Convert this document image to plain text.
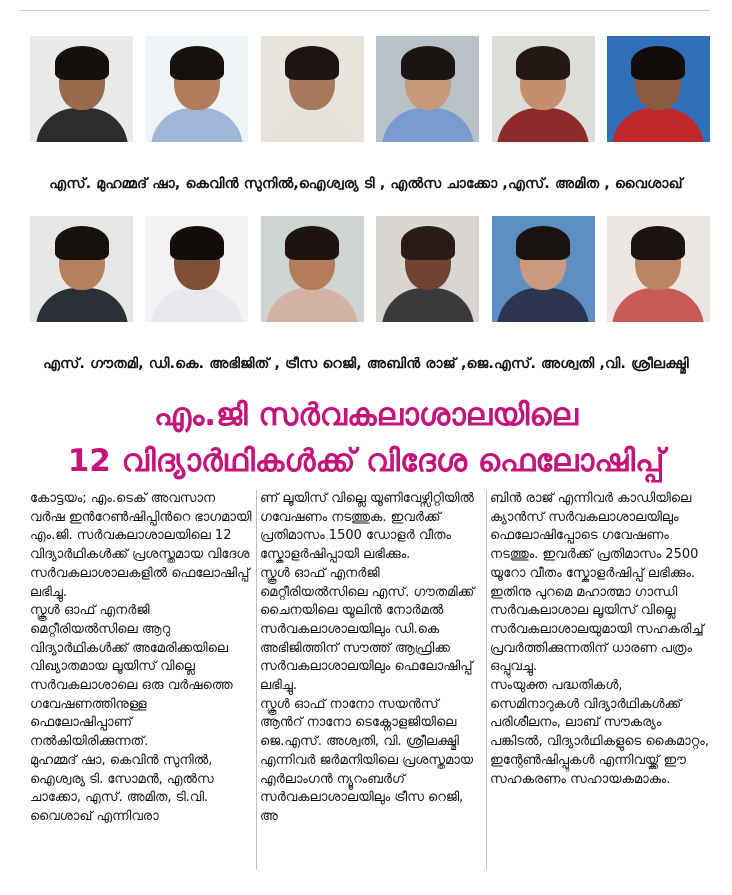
എസ്. മുഹമ്മദ് ഷാ, കെവിൻ സുനിൽ,ഐശ്വര്യ ടി , എൽസ ചാക്കോ ,എസ്. അമിത , വൈശാഖ്
എസ്. ഗൗതമി, ഡി.കെ. അഭിജിത് , ട്രീസ റെജി, അബിൻ രാജ് ,ജെ.എസ്. അശ്വതി ,വി. ശ്രീലക്ഷ്മി
എം.ജി സർവകലാശാലയിലെ
12 വിദ്യാർഥികൾക്ക് വിദേശ ഫെലോഷിപ്പ്

കോട്ടയം; എം.ടെക് അവസാന വർഷ ഇൻറേൺഷിപ്പിൻറെ ഭാഗമായി എം.ജി. സർവകലാശാലയിലെ 12 വിദ്യാർഥികൾക്ക് പ്രശസ്തമായ വിദേശ സർവകലാശാലകളിൽ ഫെലോഷിപ്പ് ലഭിച്ചു.

സ്കൂൾ ഓഫ് എനർജി മെറ്റീരിയൽസിലെ ആറു വിദ്യാർഥികൾക്ക് അമേരിക്കയിലെ വിഖ്യാതമായ ലൂയിസ് വില്ലെ സർവകലാശാലെ ഒരു വർഷത്തെ ഗവേഷണത്തിനുള്ള ഫെലോഷിപ്പാണ് നൽകിയിരിക്കുന്നത്.

മുഹമ്മദ് ഷാ, കെവിൻ സുനിൽ, ഐശ്വര്യ ടി. സോമൻ, എൽസ ചാക്കോ, എസ്. അമിത, ടി.വി. വൈശാഖ് എന്നിവരാ

ണ് ലൂയിസ് വില്ലെ യൂണിവേഴ്സിറ്റിയിൽ ഗവേഷണം നടത്തുക. ഇവർക്ക് പ്രതിമാസം 1500 ഡോളർ വീതം സ്കോളർഷിപ്പായി ലഭിക്കും.

സ്കൂൾ ഓഫ് എനർജി മെറ്റീരിയൽസിലെ എസ്. ഗൗതമിക്ക് ചൈനയിലെ യൂലിൻ നോർമൽ സർവകലാശാലയിലും ഡി.കെ അഭിജിത്തിന് സൗത്ത് ആഫ്രിക്ക സർവകലാശാലയിലും ഫെലോഷിപ്പ് ലഭിച്ചു.

സ്കൂൾ ഓഫ് നാനോ സയൻസ് ആൻറ് നാനോ ടെക്നോളജിയിലെ ജെ.എസ്. അശ്വതി, വി. ശ്രീലക്ഷ്മി എന്നിവർ ജർമനിയിലെ പ്രശസ്തമായ എർലാംഗൻ ന്യൂറംബർഗ് സർവകലാശാലയിലും ട്രീസ റെജി, അ

ബിൻ രാജ് എന്നിവർ കാഡിയിലെ ക്യാൻസ് സർവകലാശാലയിലും ഫെലോഷിപ്പോടെ ഗവേഷണം നടത്തും. ഇവർക്ക് പ്രതിമാസം 2500 യൂറോ വീതം സ്കോളർഷിപ്പ് ലഭിക്കും.

ഇതിനു പുറമെ മഹാത്മാ ഗാന്ധി സർവകലാശാല ലൂയിസ് വില്ലെ സർവകലാശാലയുമായി സഹകരിച്ച് പ്രവർത്തിക്കുന്നതിന് ധാരണ പത്രം ഒപ്പുവച്ചു.

സംയുക്ത പദ്ധതികൾ, സെമിനാറുകൾ വിദ്യാർഥികൾക്ക് പരിശീലനം, ലാബ് സൗകര്യം പങ്കിടൽ, വിദ്യാർഥികളുടെ കൈമാറ്റം, ഇന്റേൺഷിപ്പുകൾ എന്നിവയ്ക്ക് ഈ സഹകരണം സഹായകമാകും.
